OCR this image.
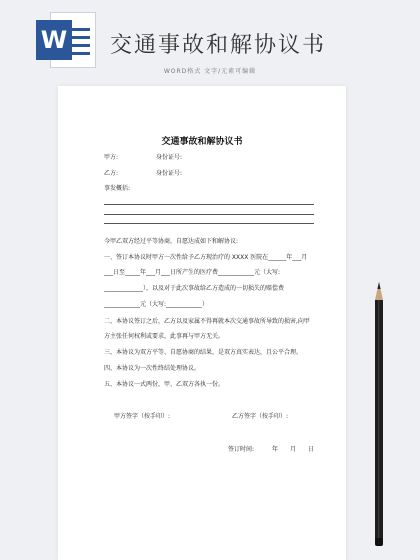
W 交通事故和解协议书
WORD格式 文字/元素可编辑
交通事故和解协议书
甲方:	身份证号:
乙方:	身份证号:
事发概括:
今甲乙双方经过平等协商，自愿达成如下和解协议:
一、签订本协议时甲方一次性给予乙方现治疗的 XXXX 医院在______年___月
___日至_____年___月___日所产生的医疗费____________元（大写:
_____________），以及对于此次事故给乙方造成的一切损失的赔偿费
____________元（大写:____________）
二、本协议签订之后，乙方以及家属不得再就本次交通事故所导致的损害,向甲
方主张任何权利或要求，此事再与甲方无关。
三、本协议为双方平等、自愿协商的结果，是双方真实表达，且公平合理。
四、本协议为一次性终结处理协议。
五、本协议一式两份，甲、乙双方各执一份。
甲方签字（按手印）:	乙方签字（按手印）:
签订时间:	年 月 日
